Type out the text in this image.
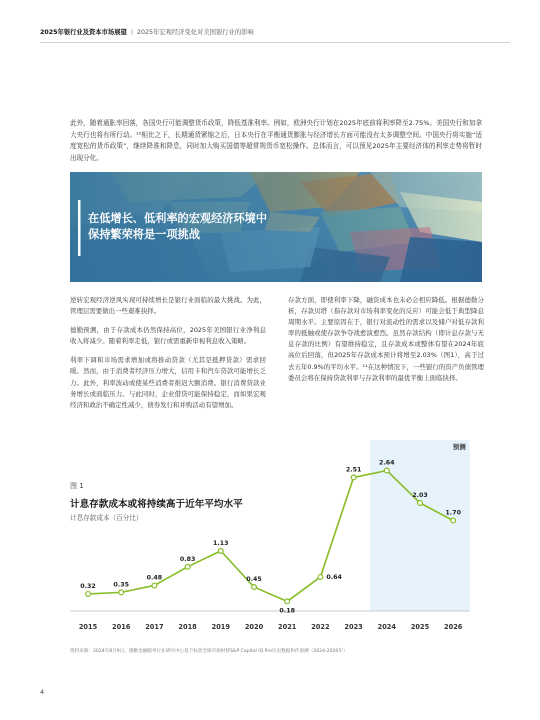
2025年银行业及资本市场展望 | 2025年宏观经济变化对美国银行业的影响
此外，随着通胀率回落，各国央行可能调整货币政策，降低基准利率。例如，欧洲央行计划在2025年底前将利率降至2.75%。美国央行和加拿大央行也将有所行动。¹⁰相比之下，长期通货紧缩之后，日本央行在平衡通货膨胀与经济增长方面可能没有太多调整空间。中国央行将实施“适度宽松的货币政策”，继续降准和降息，同时加大购买国债等超常规货币宽松操作。总体而言，可以预见2025年主要经济体的利率走势将暂时出现分化。
在低增长、低利率的宏观经济环境中
保持繁荣将是一项挑战

逆转宏观经济逆风实现可持续增长是银行业面临的最大挑战。为此，管理层需要做出一些艰难抉择。

德勤预测，由于存款成本仍然保持高位，2025年美国银行业净利息收入将减少。随着利率走低，银行或需重新审视利息收入策略。

利率下调和市场需求增加或将推动贷款（尤其是抵押贷款）需求回暖。然而，由于消费者经济压力增大，信用卡和汽车贷款可能增长乏力。此外，利率波动或使某些消费者推迟大额消费。银行消费贷款业务增长或面临压力。与此同时，企业借贷可能保持稳定，而如果宏观经济和政治不确定性减少，债券发行和并购活动有望增加。

存款方面，即使利率下降，融资成本也未必会相应降低。根据德勤分析，存款贝塔（指存款对市场利率变化的反应）可能会低于典型降息周期水平。主要原因在于，银行对流动性的需求以及储户对低存款利率的抵触或使存款争夺战愈演愈烈。虽然存款结构（即计息存款与无息存款的比例）有望维持稳定，且存款成本或整体有望在2024年底高位后回落，但2025年存款成本预计将增至2.03%（图1），高于过去五年0.9%的平均水平。¹¹在这种情况下，一些银行的资产负债管理委员会将在保持贷款利率与存款利率的最优平衡上面临抉择。

预测
0.32
2015
0.35
2016
0.48
2017
0.83
2018
1.13
2019
0.45
2020
0.18
2021
0.64
2022
2.51
2023
2.64
2024
2.03
2025
1.70
2026
图 1
计息存款成本或将持续高于近年平均水平
计息存款成本（百分比）
资料来源：2024年8月9日，德勤金融服务行业研究中心基于标普全球市场财智S&P Capital IQ Pro历史数据和作预测（2024-2026年）
4
